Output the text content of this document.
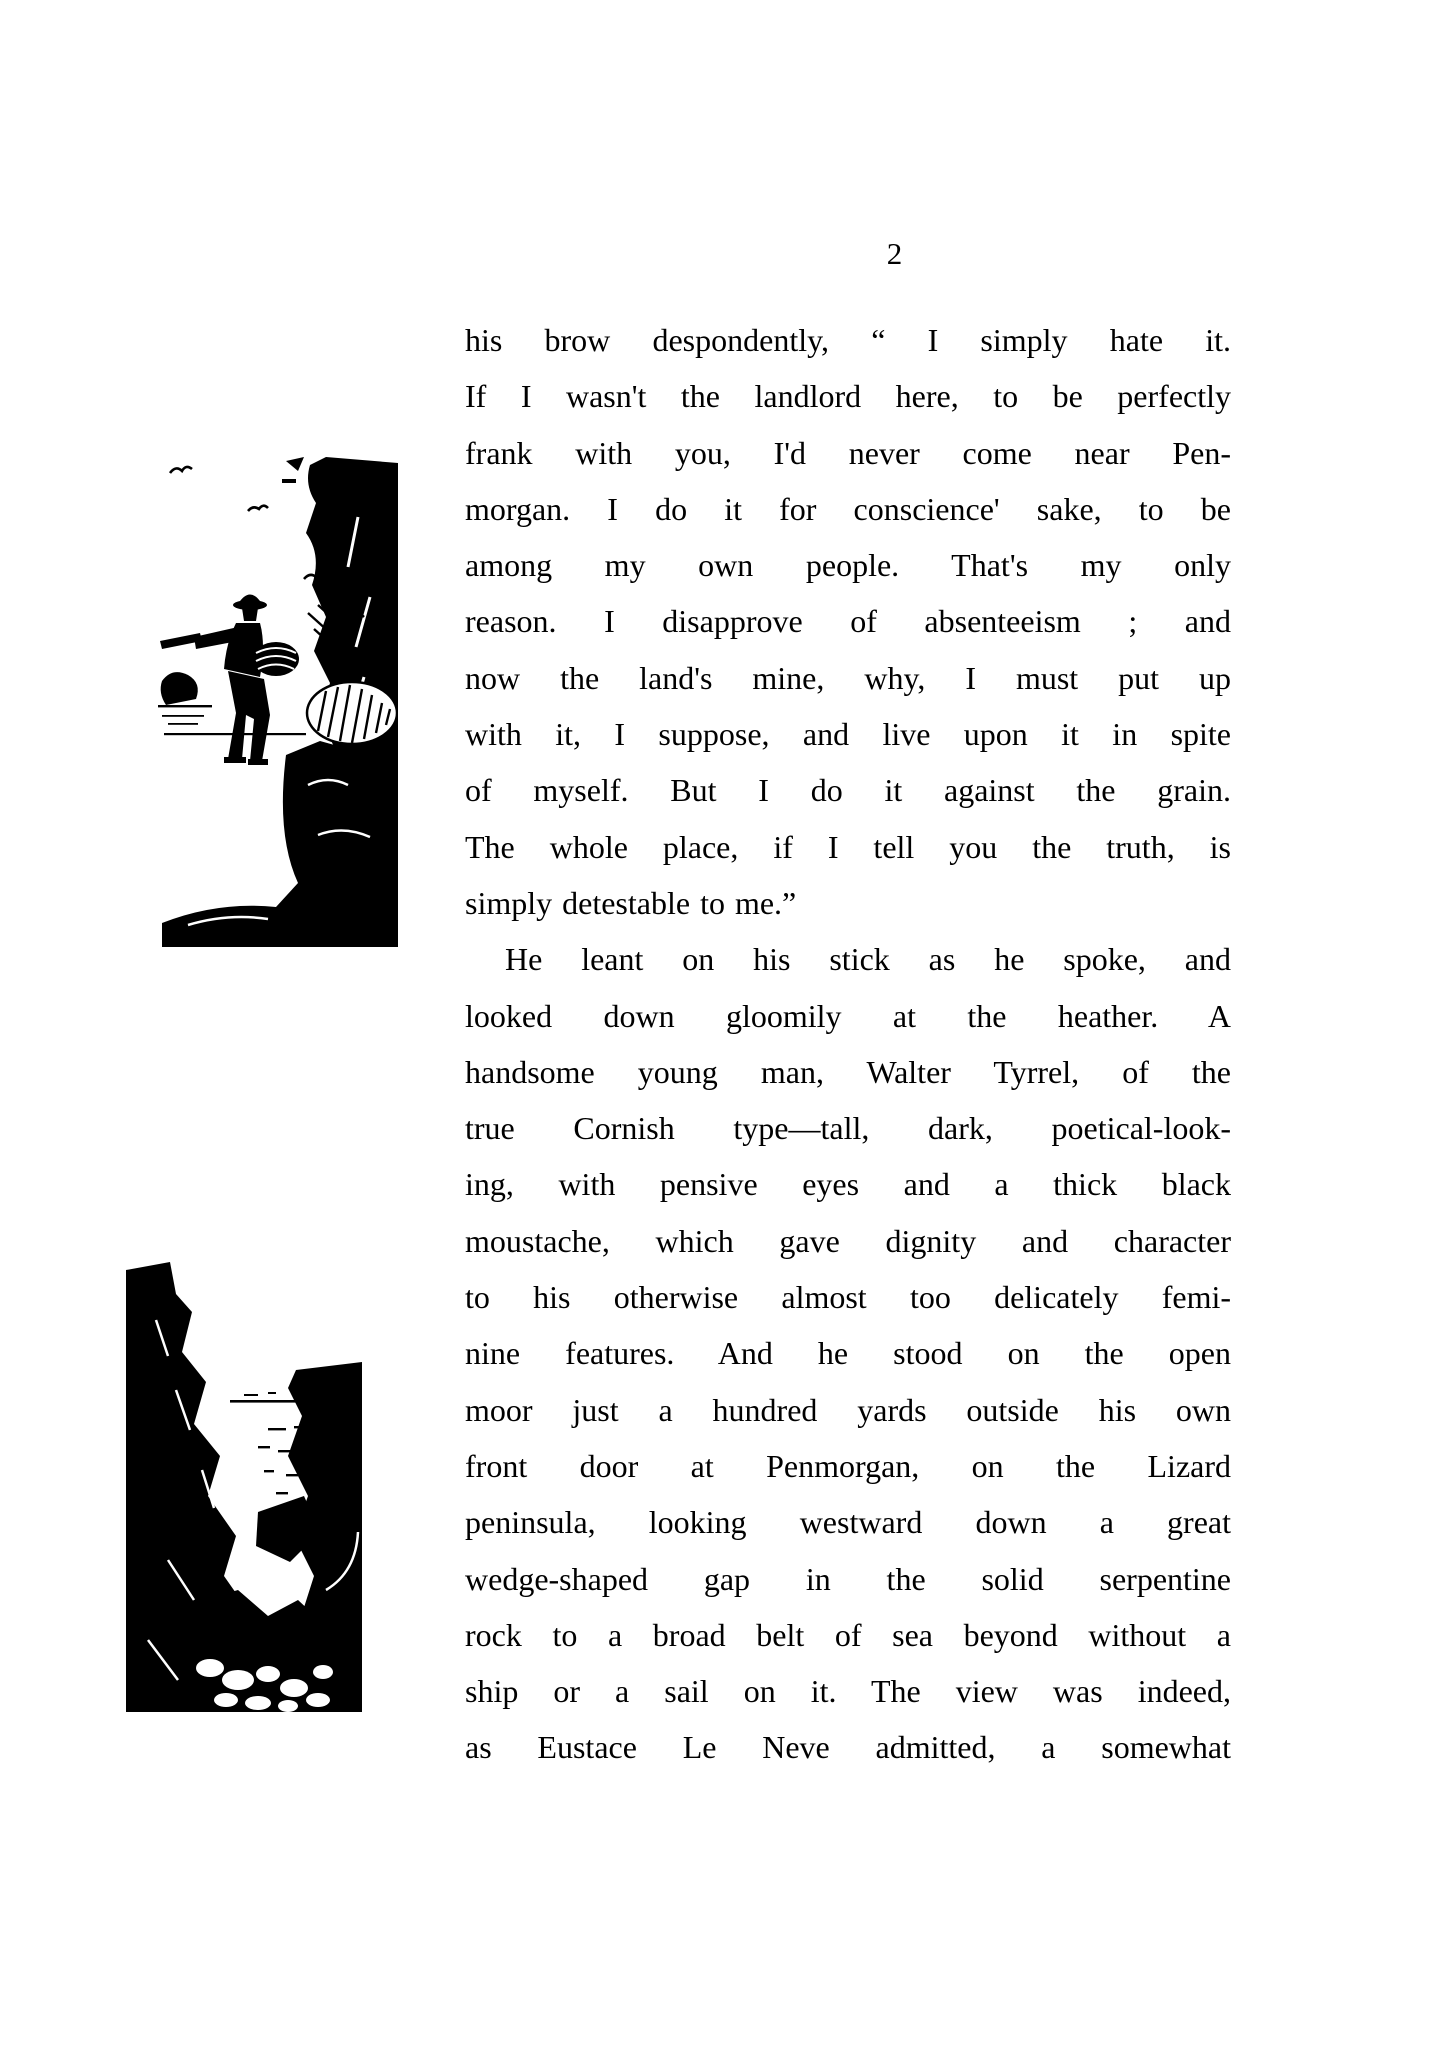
2
his brow despondently, “ I simply hate it.
If I wasn't the landlord here, to be perfectly
frank with you, I'd never come near Pen-
morgan. I do it for conscience' sake, to be
among my own people. That's my only
reason. I disapprove of absenteeism ; and
now the land's mine, why, I must put up
with it, I suppose, and live upon it in spite
of myself. But I do it against the grain.
The whole place, if I tell you the truth, is
simply detestable to me.”
He leant on his stick as he spoke, and
looked down gloomily at the heather. A
handsome young man, Walter Tyrrel, of the
true Cornish type—tall, dark, poetical-look-
ing, with pensive eyes and a thick black
moustache, which gave dignity and character
to his otherwise almost too delicately femi-
nine features. And he stood on the open
moor just a hundred yards outside his own
front door at Penmorgan, on the Lizard
peninsula, looking westward down a great
wedge-shaped gap in the solid serpentine
rock to a broad belt of sea beyond without a
ship or a sail on it. The view was indeed,
as Eustace Le Neve admitted, a somewhat
